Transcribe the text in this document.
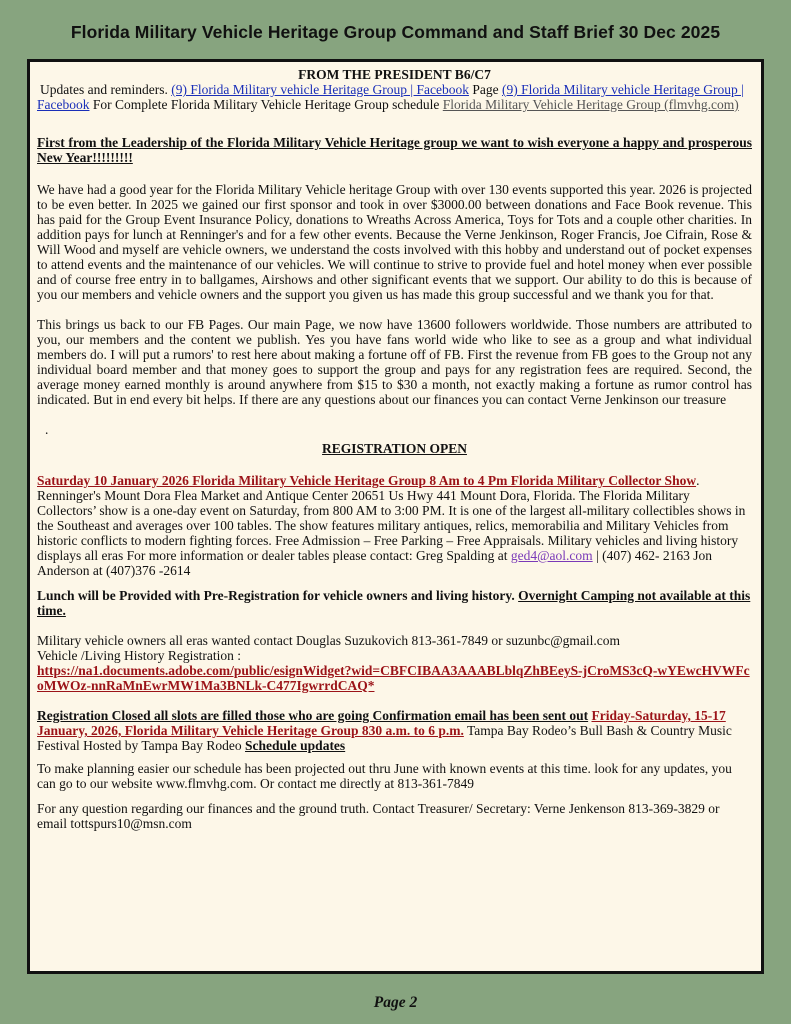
Florida Military Vehicle Heritage Group Command and Staff Brief 30 Dec 2025

FROM THE PRESIDENT B6/C7

Updates and reminders. (9) Florida Military vehicle Heritage Group | Facebook Page (9) Florida Military vehicle Heritage Group | Facebook For Complete Florida Military Vehicle Heritage Group schedule Florida Military Vehicle Heritage Group (flmvhg.com)

First from the Leadership of the Florida Military Vehicle Heritage group we want to wish everyone a happy and prosperous New Year!!!!!!!!!

We have had a good year for the Florida Military Vehicle heritage Group with over 130 events supported this year. 2026 is projected to be even better. In 2025 we gained our first sponsor and took in over $3000.00 between donations and Face Book revenue. This has paid for the Group Event Insurance Policy, donations to Wreaths Across America, Toys for Tots and a couple other charities. In addition pays for lunch at Renninger's and for a few other events. Because the Verne Jenkinson, Roger Francis, Joe Cifrain, Rose & Will Wood and myself are vehicle owners, we understand the costs involved with this hobby and understand out of pocket expenses to attend events and the maintenance of our vehicles. We will continue to strive to provide fuel and hotel money when ever possible and of course free entry in to ballgames, Airshows and other significant events that we support. Our ability to do this is because of you our members and vehicle owners and the support you given us has made this group successful and we thank you for that.

This brings us back to our FB Pages. Our main Page, we now have 13600 followers worldwide. Those numbers are attributed to you, our members and the content we publish. Yes you have fans world wide who like to see as a group and what individual members do. I will put a rumors' to rest here about making a fortune off of FB. First the revenue from FB goes to the Group not any individual board member and that money goes to support the group and pays for any registration fees are required. Second, the average money earned monthly is around anywhere from $15 to $30 a month, not exactly making a fortune as rumor control has indicated. But in end every bit helps. If there are any questions about our finances you can contact Verne Jenkinson our treasure

.

REGISTRATION OPEN

Saturday 10 January 2026 Florida Military Vehicle Heritage Group 8 Am to 4 Pm Florida Military Collector Show. Renninger's Mount Dora Flea Market and Antique Center 20651 Us Hwy 441 Mount Dora, Florida. The Florida Military Collectors’ show is a one-day event on Saturday, from 800 AM to 3:00 PM. It is one of the largest all-military collectibles shows in the Southeast and averages over 100 tables. The show features military antiques, relics, memorabilia and Military Vehicles from historic conflicts to modern fighting forces. Free Admission – Free Parking – Free Appraisals. Military vehicles and living history displays all eras For more information or dealer tables please contact: Greg Spalding at ged4@aol.com | (407) 462- 2163 Jon Anderson at (407)376 -2614

Lunch will be Provided with Pre-Registration for vehicle owners and living history. Overnight Camping not available at this time.

Military vehicle owners all eras wanted contact Douglas Suzukovich 813-361-7849 or suzunbc@gmail.com

Vehicle /Living History Registration :

https://na1.documents.adobe.com/public/esignWidget?wid=CBFCIBAA3AAABLblqZhBEeyS-jCroMS3cQ-wYEwcHVWFcoMWOz-nnRaMnEwrMW1Ma3BNLk-C477IgwrrdCAQ*

Registration Closed all slots are filled those who are going Confirmation email has been sent out Friday-Saturday, 15-17 January, 2026, Florida Military Vehicle Heritage Group 830 a.m. to 6 p.m. Tampa Bay Rodeo’s Bull Bash & Country Music Festival Hosted by Tampa Bay Rodeo Schedule updates

To make planning easier our schedule has been projected out thru June with known events at this time. look for any updates, you can go to our website www.flmvhg.com. Or contact me directly at 813-361-7849

For any question regarding our finances and the ground truth. Contact Treasurer/ Secretary: Verne Jenkenson 813-369-3829 or email tottspurs10@msn.com

Page 2
